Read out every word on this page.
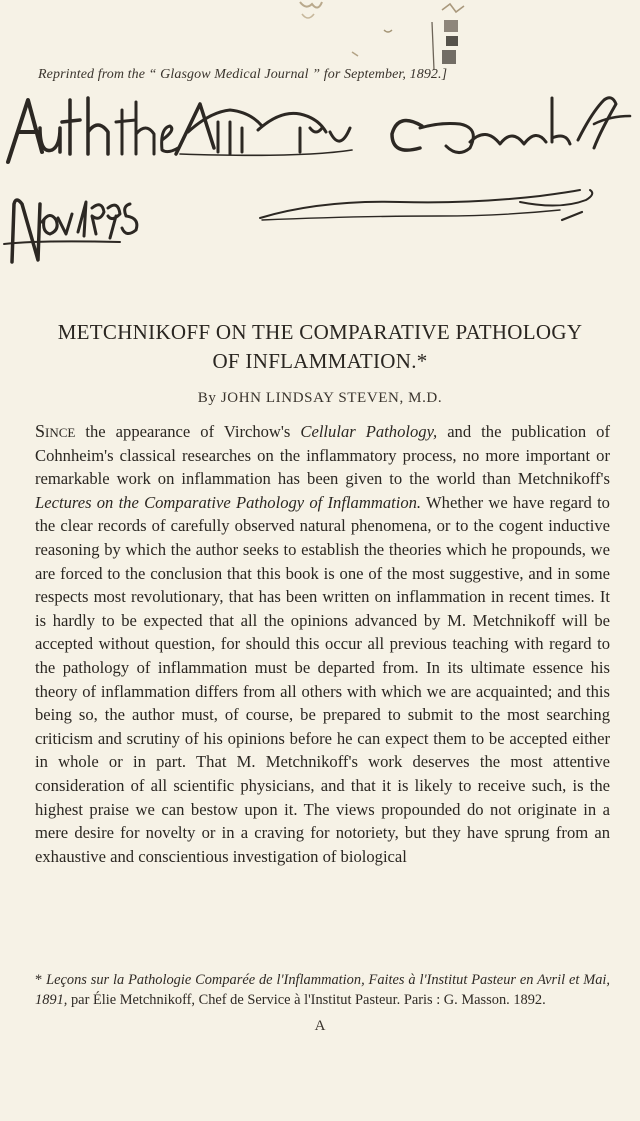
Reprinted from the “ Glasgow Medical Journal ” for September, 1892.]
METCHNIKOFF ON THE COMPARATIVE PATHOLOGY
OF INFLAMMATION.*
By JOHN LINDSAY STEVEN, M.D.

Since the appearance of Virchow's Cellular Pathology, and the publication of Cohnheim's classical researches on the inflammatory process, no more important or remarkable work on inflammation has been given to the world than Metchnikoff's Lectures on the Comparative Pathology of Inflammation. Whether we have regard to the clear records of carefully observed natural phenomena, or to the cogent inductive reasoning by which the author seeks to establish the theories which he propounds, we are forced to the conclusion that this book is one of the most suggestive, and in some respects most revolutionary, that has been written on inflammation in recent times. It is hardly to be expected that all the opinions advanced by M. Metchnikoff will be accepted without question, for should this occur all previous teaching with regard to the pathology of inflammation must be departed from. In its ultimate essence his theory of inflammation differs from all others with which we are acquainted; and this being so, the author must, of course, be prepared to submit to the most searching criticism and scrutiny of his opinions before he can expect them to be accepted either in whole or in part. That M. Metchnikoff's work deserves the most attentive consideration of all scientific physicians, and that it is likely to receive such, is the highest praise we can bestow upon it. The views propounded do not originate in a mere desire for novelty or in a craving for notoriety, but they have sprung from an exhaustive and conscientious investigation of biological

* Leçons sur la Pathologie Comparée de l'Inflammation, Faites à l'Institut Pasteur en Avril et Mai, 1891, par Élie Metchnikoff, Chef de Service à l'Institut Pasteur. Paris : G. Masson. 1892.
A
